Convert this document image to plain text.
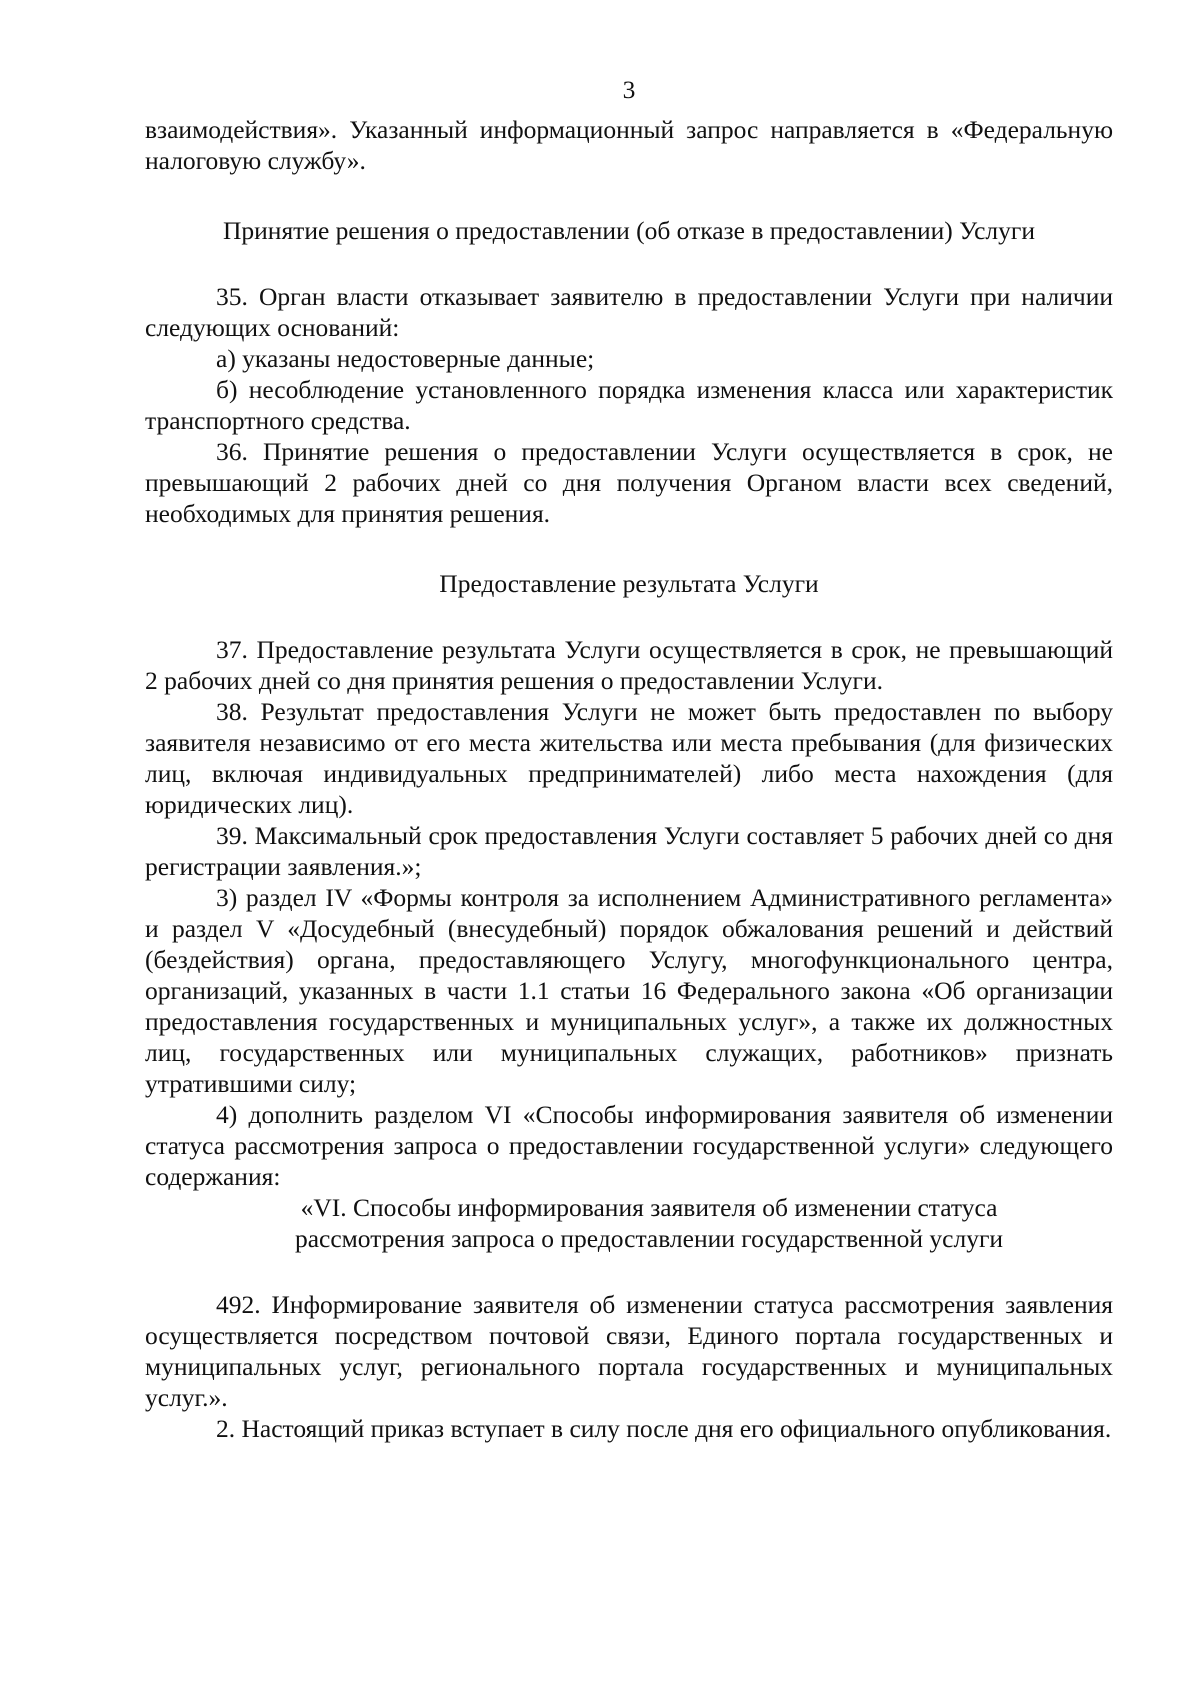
3

взаимодействия». Указанный информационный запрос направляется в «Федеральную налоговую службу».

Принятие решения о предоставлении (об отказе в предоставлении) Услуги

35. Орган власти отказывает заявителю в предоставлении Услуги при наличии следующих оснований:

а) указаны недостоверные данные;

б) несоблюдение установленного порядка изменения класса или характеристик транспортного средства.

36. Принятие решения о предоставлении Услуги осуществляется в срок, не превышающий 2 рабочих дней со дня получения Органом власти всех сведений, необходимых для принятия решения.

Предоставление результата Услуги

37. Предоставление результата Услуги осуществляется в срок, не превышающий 2 рабочих дней со дня принятия решения о предоставлении Услуги.

38. Результат предоставления Услуги не может быть предоставлен по выбору заявителя независимо от его места жительства или места пребывания (для физических лиц, включая индивидуальных предпринимателей) либо места нахождения (для юридических лиц).

39. Максимальный срок предоставления Услуги составляет 5 рабочих дней со дня регистрации заявления.»;

3) раздел IV «Формы контроля за исполнением Административного регламента» и раздел V «Досудебный (внесудебный) порядок обжалования решений и действий (бездействия) органа, предоставляющего Услугу, многофункционального центра, организаций, указанных в части 1.1 статьи 16 Федерального закона «Об организации предоставления государственных и муниципальных услуг», а также их должностных лиц, государственных или муниципальных служащих, работников» признать утратившими силу;

4) дополнить разделом VI «Способы информирования заявителя об изменении статуса рассмотрения запроса о предоставлении государственной услуги» следующего содержания:

«VI. Способы информирования заявителя об изменении статуса
рассмотрения запроса о предоставлении государственной услуги

492. Информирование заявителя об изменении статуса рассмотрения заявления осуществляется посредством почтовой связи, Единого портала государственных и муниципальных услуг, регионального портала государственных и муниципальных услуг.».

2. Настоящий приказ вступает в силу после дня его официального опубликования.
